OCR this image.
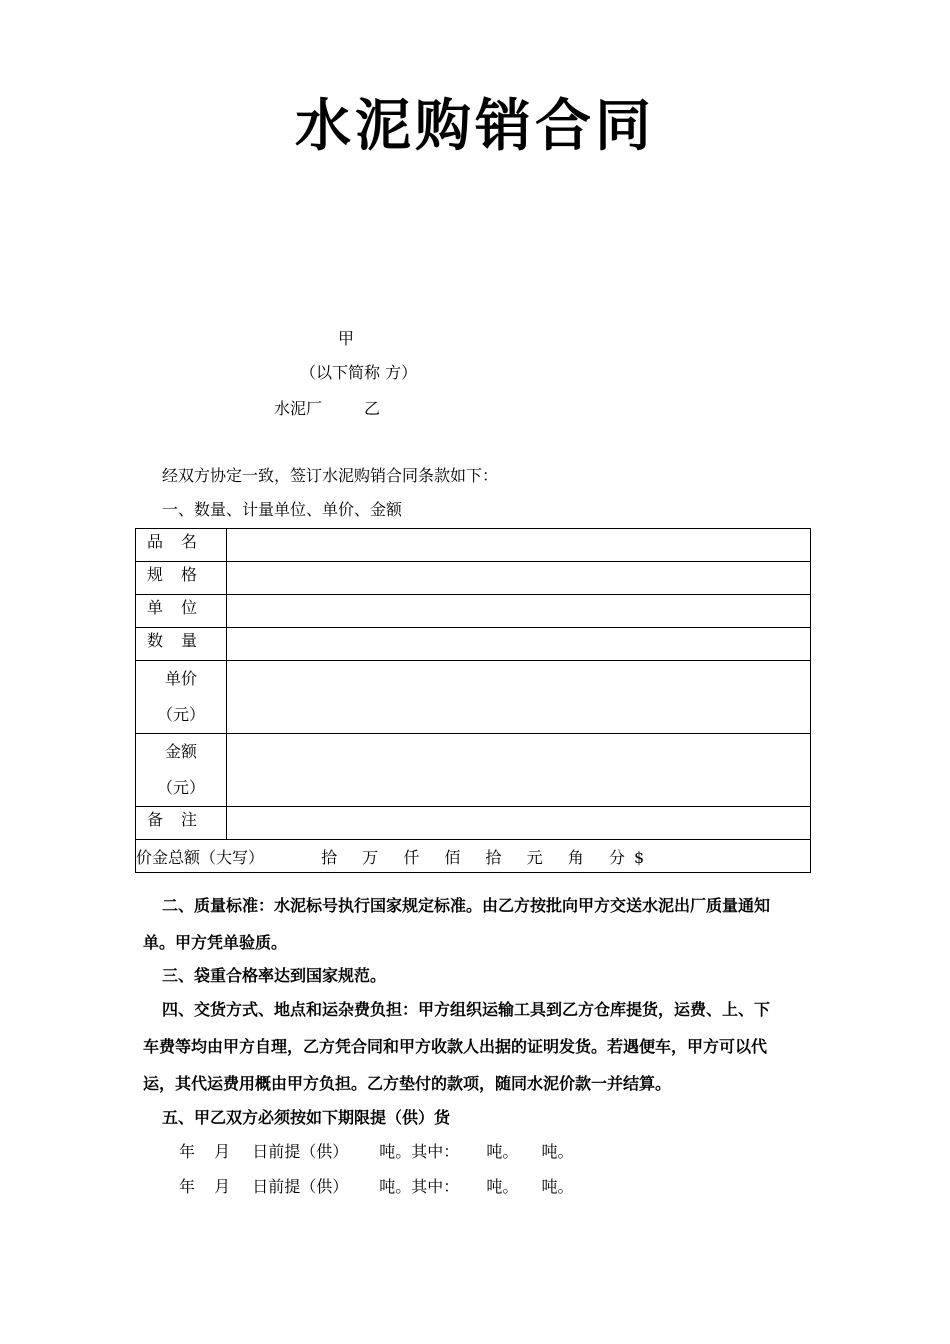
水泥购销合同
甲
（以下简称 方）
水泥厂	乙
经双方协定一致，签订水泥购销合同条款如下：
一、数量、计量单位、单价、金额
品名	
规格	
单位	
数量	

单价
（元）	

金额
（元）	

备注	
价金总额（大写） 拾 万 仟 佰 拾 元 角 分 $	
二、质量标准：水泥标号执行国家规定标准。由乙方按批向甲方交送水泥出厂质量通知
单。甲方凭单验质。
三、袋重合格率达到国家规范。
四、交货方式、地点和运杂费负担：甲方组织运输工具到乙方仓库提货，运费、上、下
车费等均由甲方自理，乙方凭合同和甲方收款人出据的证明发货。若遇便车，甲方可以代
运，其代运费用概由甲方负担。乙方垫付的款项，随同水泥价款一并结算。
五、甲乙双方必须按如下期限提（供）货
年 月 日前提（供） 吨。其中： 吨。 吨。
年 月 日前提（供） 吨。其中： 吨。 吨。
